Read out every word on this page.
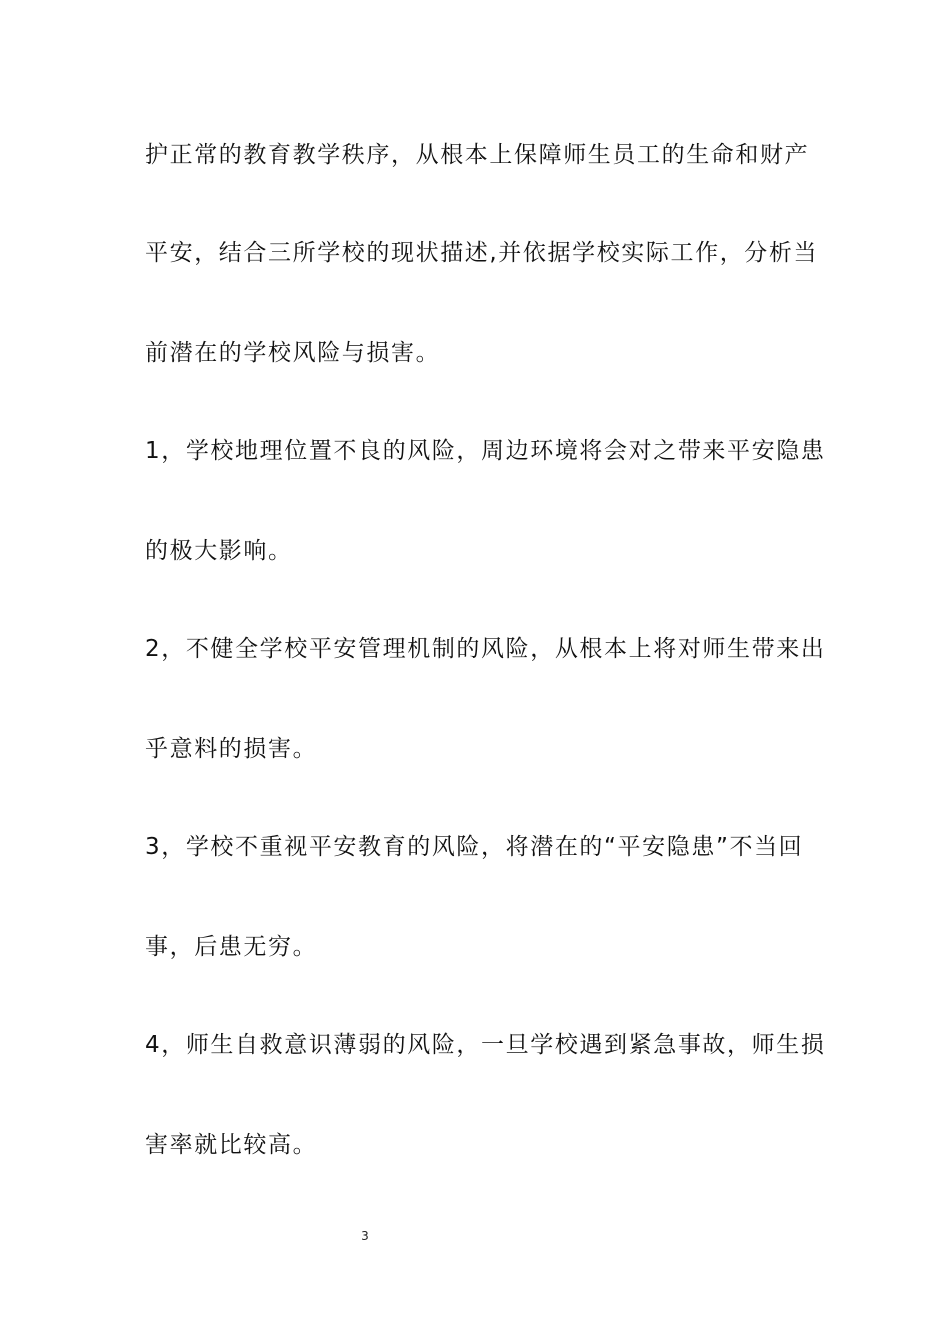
护正常的教育教学秩序，从根本上保障师生员工的生命和财产
平安，结合三所学校的现状描述,并依据学校实际工作，分析当
前潜在的学校风险与损害。
1，学校地理位置不良的风险，周边环境将会对之带来平安隐患
的极大影响。
2，不健全学校平安管理机制的风险，从根本上将对师生带来出
乎意料的损害。
3，学校不重视平安教育的风险，将潜在的“平安隐患”不当回
事，后患无穷。
4，师生自救意识薄弱的风险，一旦学校遇到紧急事故，师生损
害率就比较高。
3
